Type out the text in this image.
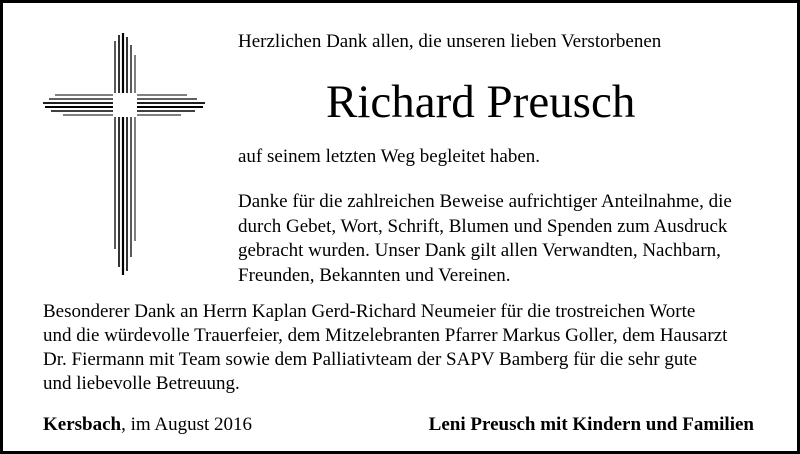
Herzlichen Dank allen, die unseren lieben Verstorbenen
Richard Preusch
auf seinem letzten Weg begleitet haben.
Danke für die zahlreichen Beweise aufrichtiger Anteilnahme, die
durch Gebet, Wort, Schrift, Blumen und Spenden zum Ausdruck
gebracht wurden. Unser Dank gilt allen Verwandten, Nachbarn,
Freunden, Bekannten und Vereinen.
Besonderer Dank an Herrn Kaplan Gerd-Richard Neumeier für die trostreichen Worte
und die würdevolle Trauerfeier, dem Mitzelebranten Pfarrer Markus Goller, dem Hausarzt
Dr. Fiermann mit Team sowie dem Palliativteam der SAPV Bamberg für die sehr gute
und liebevolle Betreuung.
Kersbach, im August 2016	Leni Preusch mit Kindern und Familien
